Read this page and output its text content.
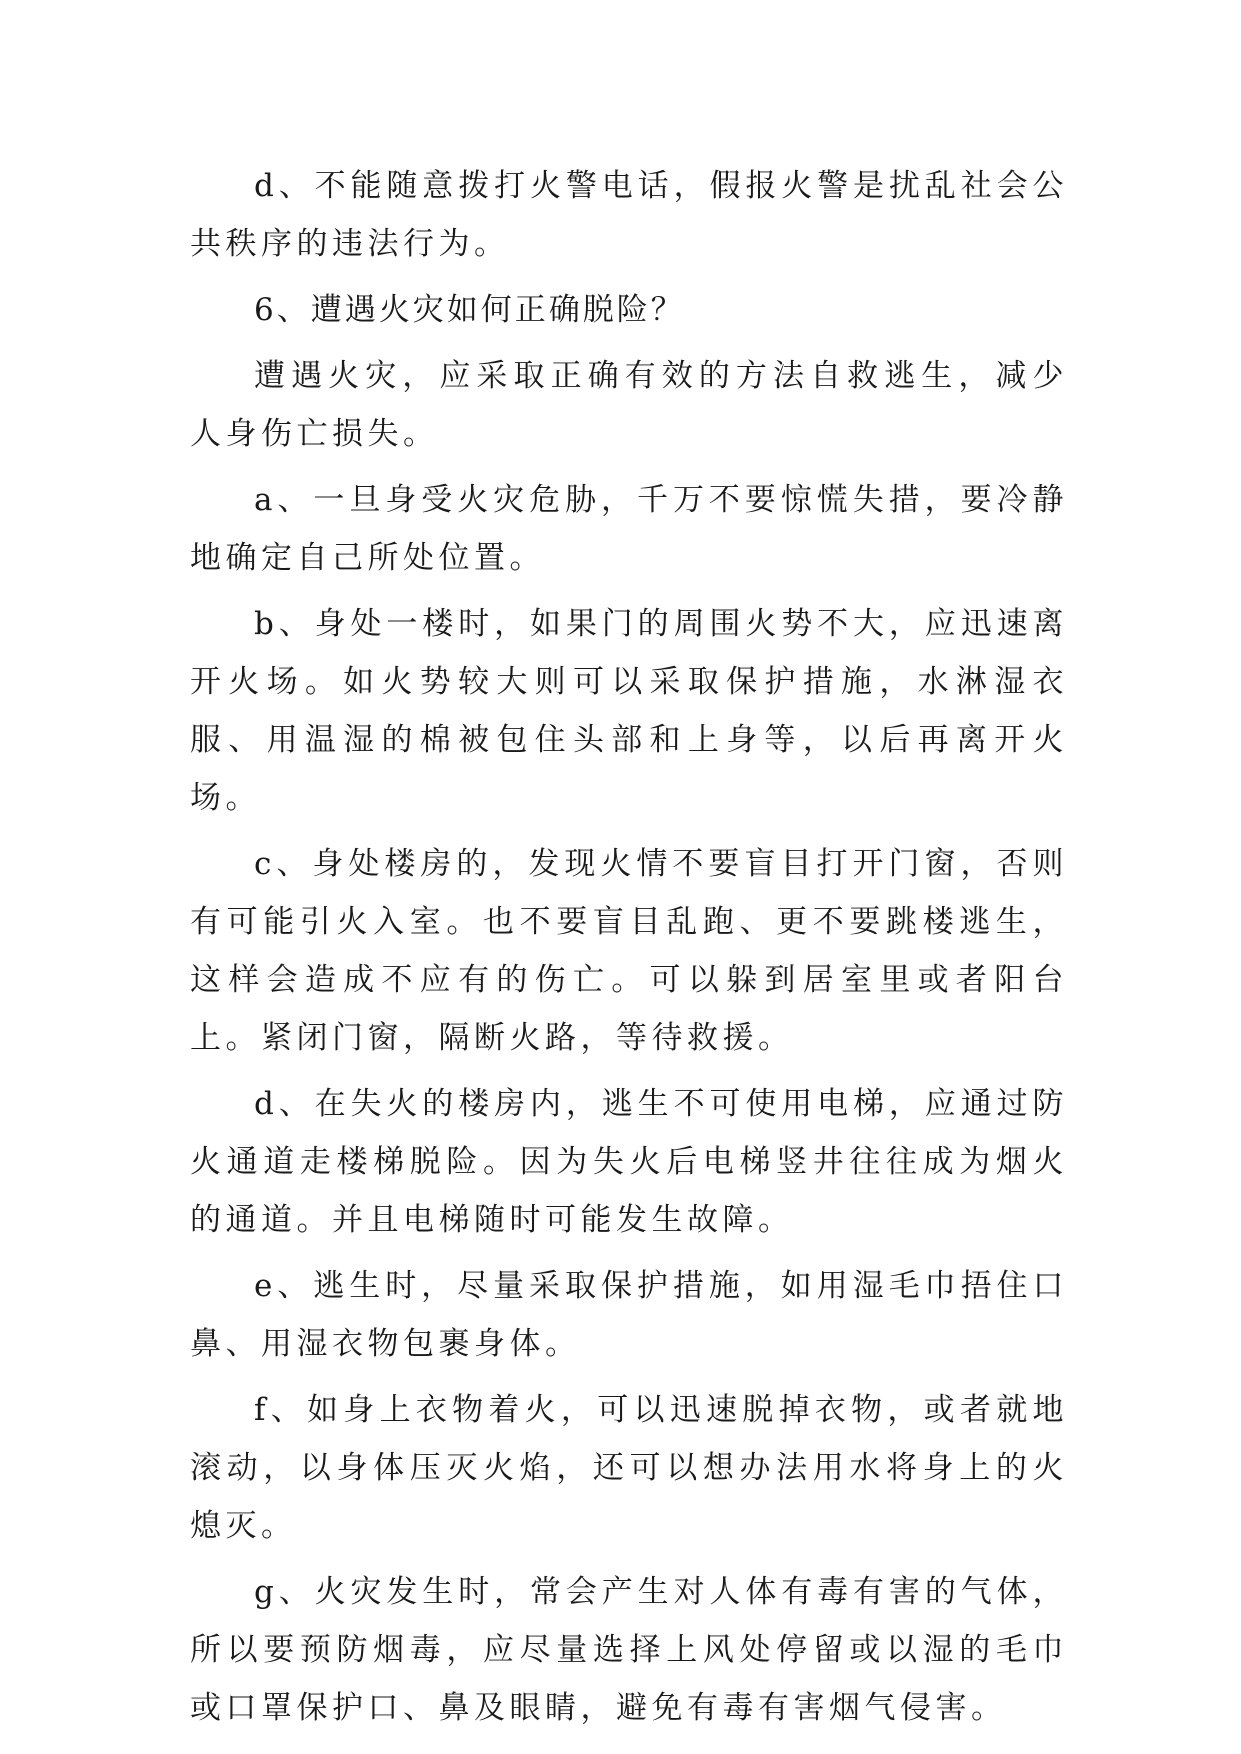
d、不能随意拨打火警电话，假报火警是扰乱社会公共秩序的违法行为。

6、遭遇火灾如何正确脱险？

遭遇火灾，应采取正确有效的方法自救逃生，减少人身伤亡损失。

a、一旦身受火灾危胁，千万不要惊慌失措，要冷静地确定自己所处位置。

b、身处一楼时，如果门的周围火势不大，应迅速离开火场。如火势较大则可以采取保护措施，水淋湿衣服、用温湿的棉被包住头部和上身等，以后再离开火场。

c、身处楼房的，发现火情不要盲目打开门窗，否则有可能引火入室。也不要盲目乱跑、更不要跳楼逃生，这样会造成不应有的伤亡。可以躲到居室里或者阳台上。紧闭门窗，隔断火路，等待救援。

d、在失火的楼房内，逃生不可使用电梯，应通过防火通道走楼梯脱险。因为失火后电梯竖井往往成为烟火的通道。并且电梯随时可能发生故障。

e、逃生时，尽量采取保护措施，如用湿毛巾捂住口鼻、用湿衣物包裹身体。

f、如身上衣物着火，可以迅速脱掉衣物，或者就地滚动，以身体压灭火焰，还可以想办法用水将身上的火熄灭。

g、火灾发生时，常会产生对人体有毒有害的气体，所以要预防烟毒，应尽量选择上风处停留或以湿的毛巾或口罩保护口、鼻及眼睛，避免有毒有害烟气侵害。
